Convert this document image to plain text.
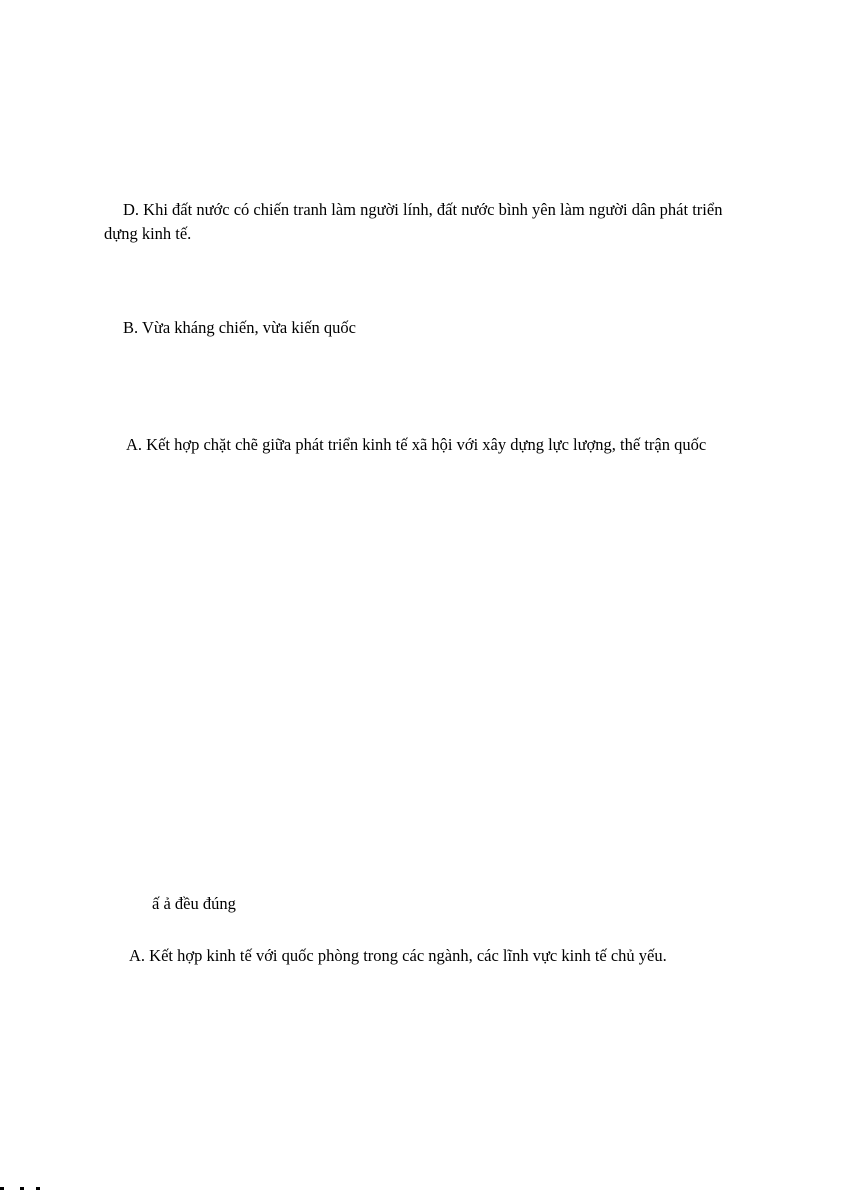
D. Khi đất nước có chiến tranh làm người lính, đất nước bình yên làm người dân phát triển

dựng kinh tế.

B. Vừa kháng chiến, vừa kiến quốc

A. Kết hợp chặt chẽ giữa phát triển kinh tế xã hội với xây dựng lực lượng, thế trận quốc

ấ ả đều đúng

A. Kết hợp kinh tế với quốc phòng trong các ngành, các lĩnh vực kinh tế chủ yếu.
